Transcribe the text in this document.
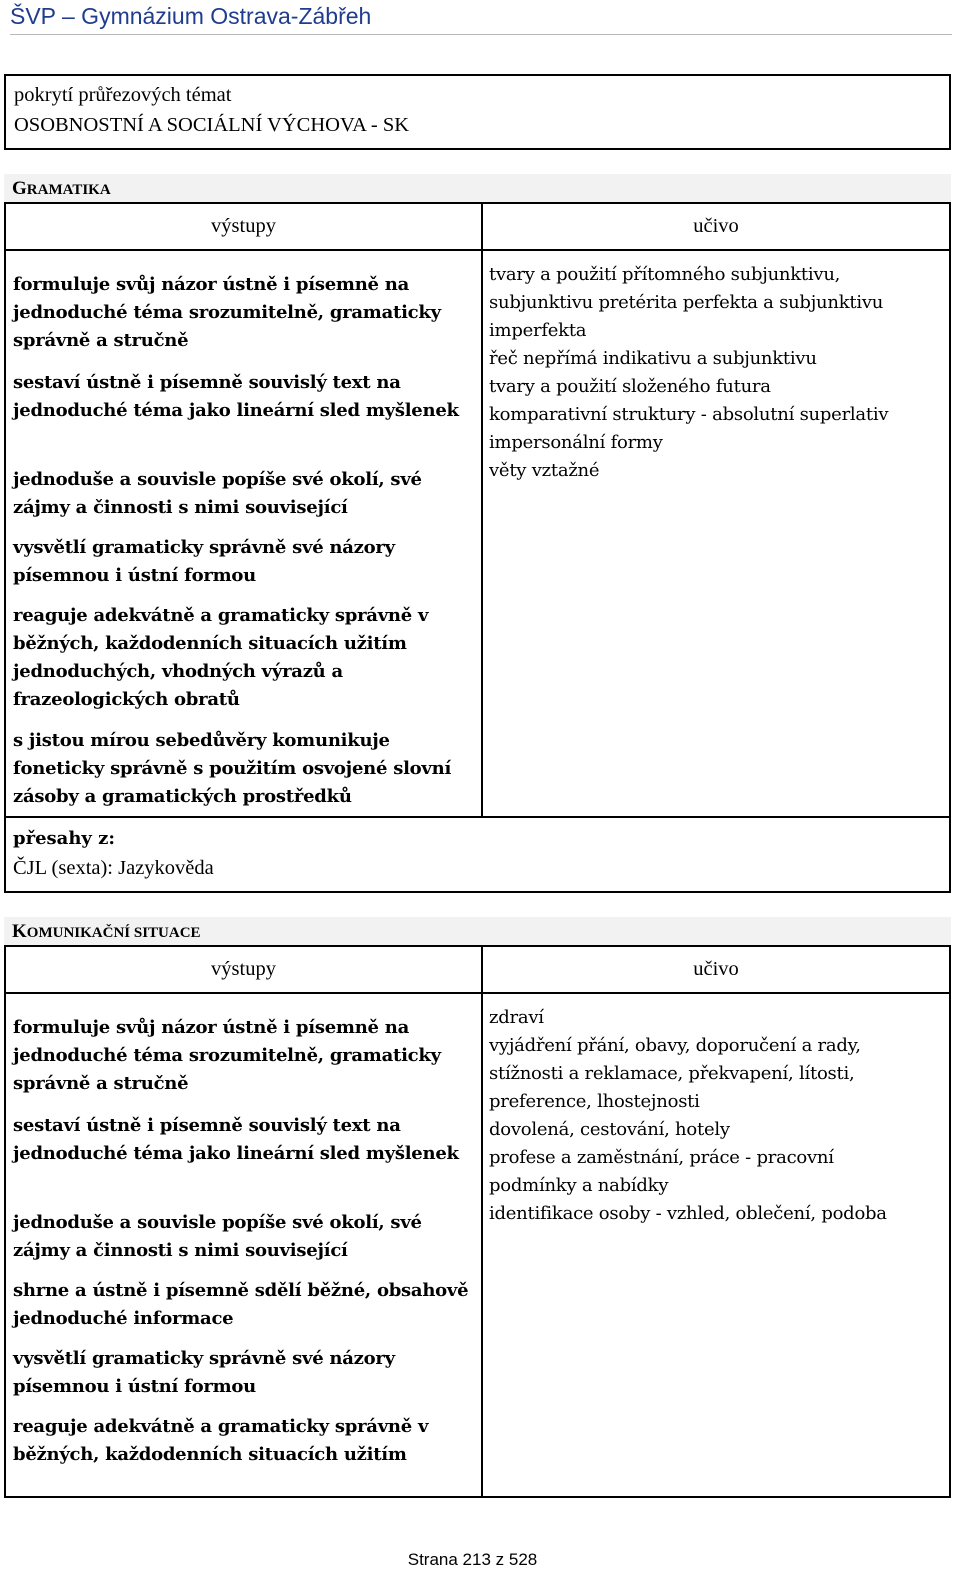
ŠVP – Gymnázium Ostrava-Zábřeh
pokrytí průřezových témat
OSOBNOSTNÍ A SOCIÁLNÍ VÝCHOVA - SK
GRAMATIKA
výstupy	učivo
formuluje svůj názor ústně i písemně na jednoduché téma srozumitelně, gramaticky správně a stručně
sestaví ústně i písemně souvislý text na jednoduché téma jako lineární sled myšlenek
jednoduše a souvisle popíše své okolí, své zájmy a činnosti s nimi související
vysvětlí gramaticky správně své názory písemnou i ústní formou
reaguje adekvátně a gramaticky správně v běžných, každodenních situacích užitím jednoduchých, vhodných výrazů a frazeologických obratů
s jistou mírou sebedůvěry komunikuje foneticky správně s použitím osvojené slovní zásoby a gramatických prostředků
tvary a použití přítomného subjunktivu,
subjunktivu pretérita perfekta a subjunktivu
imperfekta
řeč nepřímá indikativu a subjunktivu
tvary a použití složeného futura
komparativní struktury - absolutní superlativ
impersonální formy
věty vztažné
přesahy z:
ČJL (sexta): Jazykověda
KOMUNIKAČNÍ SITUACE
výstupy	učivo
formuluje svůj názor ústně i písemně na jednoduché téma srozumitelně, gramaticky správně a stručně
sestaví ústně i písemně souvislý text na jednoduché téma jako lineární sled myšlenek
jednoduše a souvisle popíše své okolí, své zájmy a činnosti s nimi související
shrne a ústně i písemně sdělí běžné, obsahově jednoduché informace
vysvětlí gramaticky správně své názory písemnou i ústní formou
reaguje adekvátně a gramaticky správně v běžných, každodenních situacích užitím
zdraví
vyjádření přání, obavy, doporučení a rady,
stížnosti a reklamace, překvapení, lítosti,
preference, lhostejnosti
dovolená, cestování, hotely
profese a zaměstnání, práce - pracovní
podmínky a nabídky
identifikace osoby - vzhled, oblečení, podoba
Strana 213 z 528
